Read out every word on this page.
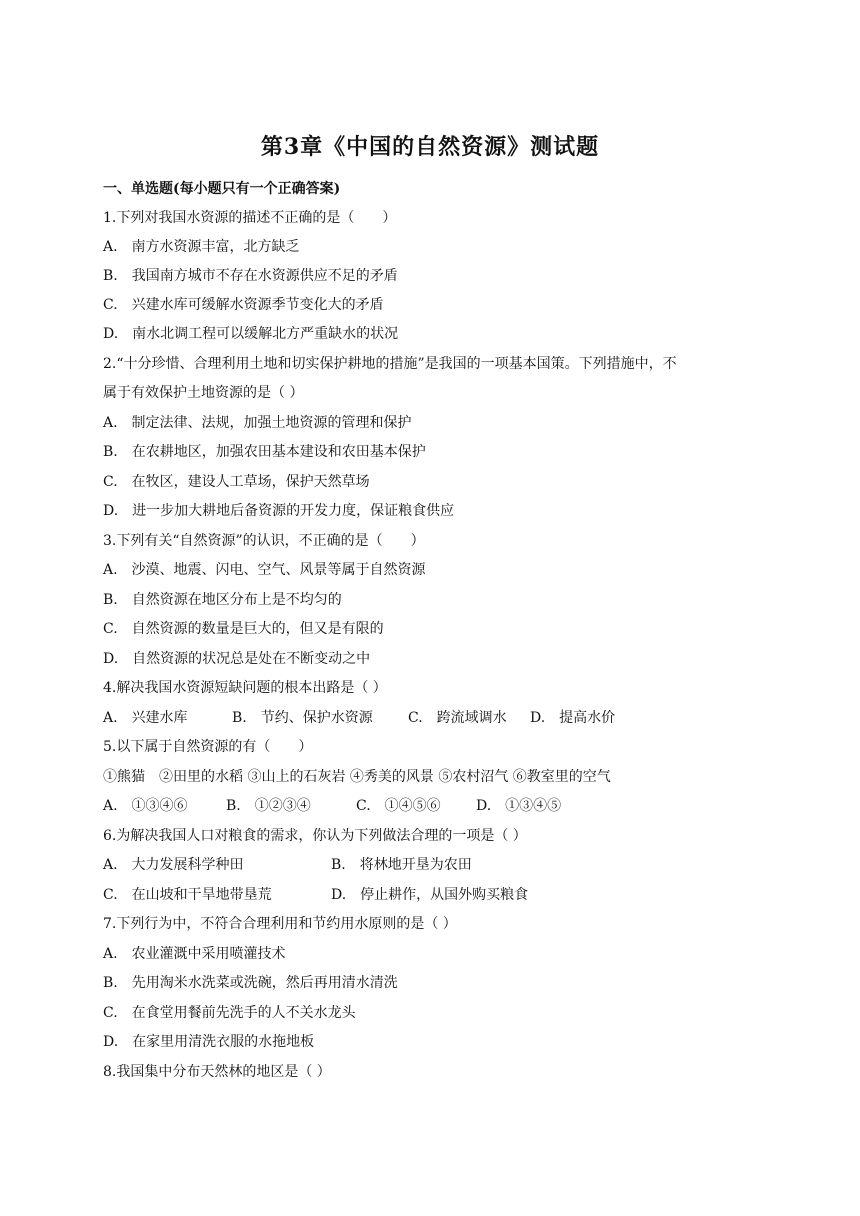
第3章《中国的自然资源》测试题
一、单选题(每小题只有一个正确答案)
1.下列对我国水资源的描述不正确的是（　　）
A.　南方水资源丰富，北方缺乏
B.　我国南方城市不存在水资源供应不足的矛盾
C.　兴建水库可缓解水资源季节变化大的矛盾
D.　南水北调工程可以缓解北方严重缺水的状况
2.“十分珍惜、合理利用土地和切实保护耕地的措施”是我国的一项基本国策。下列措施中，不
属于有效保护土地资源的是（ ）
A.　制定法律、法规，加强土地资源的管理和保护
B.　在农耕地区，加强农田基本建设和农田基本保护
C.　在牧区，建设人工草场，保护天然草场
D.　进一步加大耕地后备资源的开发力度，保证粮食供应
3.下列有关“自然资源”的认识，不正确的是（　　）
A.　沙漠、地震、闪电、空气、风景等属于自然资源
B.　自然资源在地区分布上是不均匀的
C.　自然资源的数量是巨大的，但又是有限的
D.　自然资源的状况总是处在不断变动之中
4.解决我国水资源短缺问题的根本出路是（ ）
A.　兴建水库	B.　节约、保护水资源	C.　跨流域调水 D.　提高水价
5.以下属于自然资源的有（　　）
①熊猫　②田里的水稻 ③山上的石灰岩 ④秀美的风景 ⑤农村沼气 ⑥教室里的空气
A.　①③④⑥	B.　①②③④	C.　①④⑤⑥	D.　①③④⑤
6.为解决我国人口对粮食的需求，你认为下列做法合理的一项是（ ）
A.　大力发展科学种田	B.　将林地开垦为农田
C.　在山坡和干旱地带垦荒	D.　停止耕作，从国外购买粮食
7.下列行为中，不符合合理利用和节约用水原则的是（ ）
A.　农业灌溉中采用喷灌技术
B.　先用淘米水洗菜或洗碗，然后再用清水清洗
C.　在食堂用餐前先洗手的人不关水龙头
D.　在家里用清洗衣服的水拖地板
8.我国集中分布天然林的地区是（ ）
